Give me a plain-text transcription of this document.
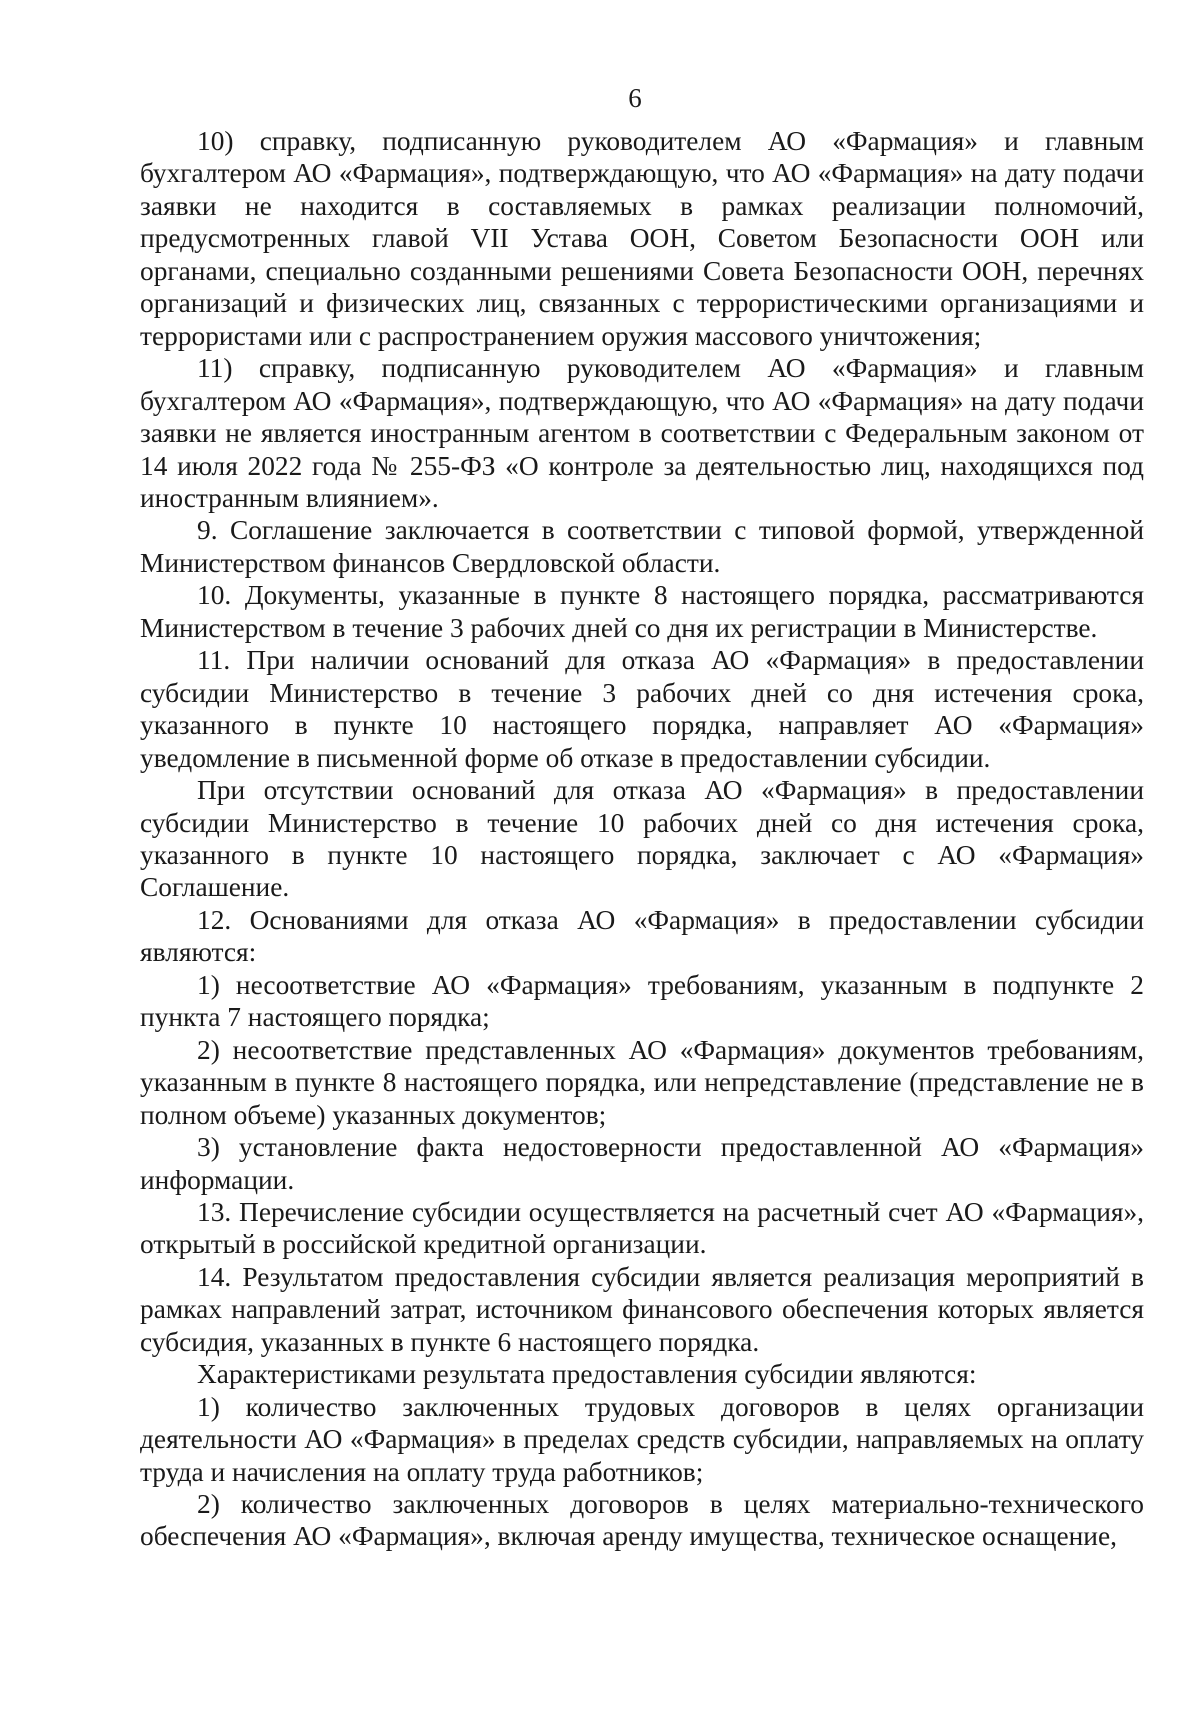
6

10) справку, подписанную руководителем АО «Фармация» и главным бухгалтером АО «Фармация», подтверждающую, что АО «Фармация» на дату подачи заявки не находится в составляемых в рамках реализации полномочий, предусмотренных главой VII Устава ООН, Советом Безопасности ООН или органами, специально созданными решениями Совета Безопасности ООН, перечнях организаций и физических лиц, связанных с террористическими организациями и террористами или с распространением оружия массового уничтожения;

11) справку, подписанную руководителем АО «Фармация» и главным бухгалтером АО «Фармация», подтверждающую, что АО «Фармация» на дату подачи заявки не является иностранным агентом в соответствии с Федеральным законом от 14 июля 2022 года № 255-ФЗ «О контроле за деятельностью лиц, находящихся под иностранным влиянием».

9. Соглашение заключается в соответствии с типовой формой, утвержденной Министерством финансов Свердловской области.

10. Документы, указанные в пункте 8 настоящего порядка, рассматриваются Министерством в течение 3 рабочих дней со дня их регистрации в Министерстве.

11. При наличии оснований для отказа АО «Фармация» в предоставлении субсидии Министерство в течение 3 рабочих дней со дня истечения срока, указанного в пункте 10 настоящего порядка, направляет АО «Фармация» уведомление в письменной форме об отказе в предоставлении субсидии.

При отсутствии оснований для отказа АО «Фармация» в предоставлении субсидии Министерство в течение 10 рабочих дней со дня истечения срока, указанного в пункте 10 настоящего порядка, заключает с АО «Фармация» Соглашение.

12. Основаниями для отказа АО «Фармация» в предоставлении субсидии являются:

1) несоответствие АО «Фармация» требованиям, указанным в подпункте 2 пункта 7 настоящего порядка;

2) несоответствие представленных АО «Фармация» документов требованиям, указанным в пункте 8 настоящего порядка, или непредставление (представление не в полном объеме) указанных документов;

3) установление факта недостоверности предоставленной АО «Фармация» информации.

13. Перечисление субсидии осуществляется на расчетный счет АО «Фармация», открытый в российской кредитной организации.

14. Результатом предоставления субсидии является реализация мероприятий в рамках направлений затрат, источником финансового обеспечения которых является субсидия, указанных в пункте 6 настоящего порядка.

Характеристиками результата предоставления субсидии являются:

1) количество заключенных трудовых договоров в целях организации деятельности АО «Фармация» в пределах средств субсидии, направляемых на оплату труда и начисления на оплату труда работников;

2) количество заключенных договоров в целях материально-технического обеспечения АО «Фармация», включая аренду имущества, техническое оснащение,
